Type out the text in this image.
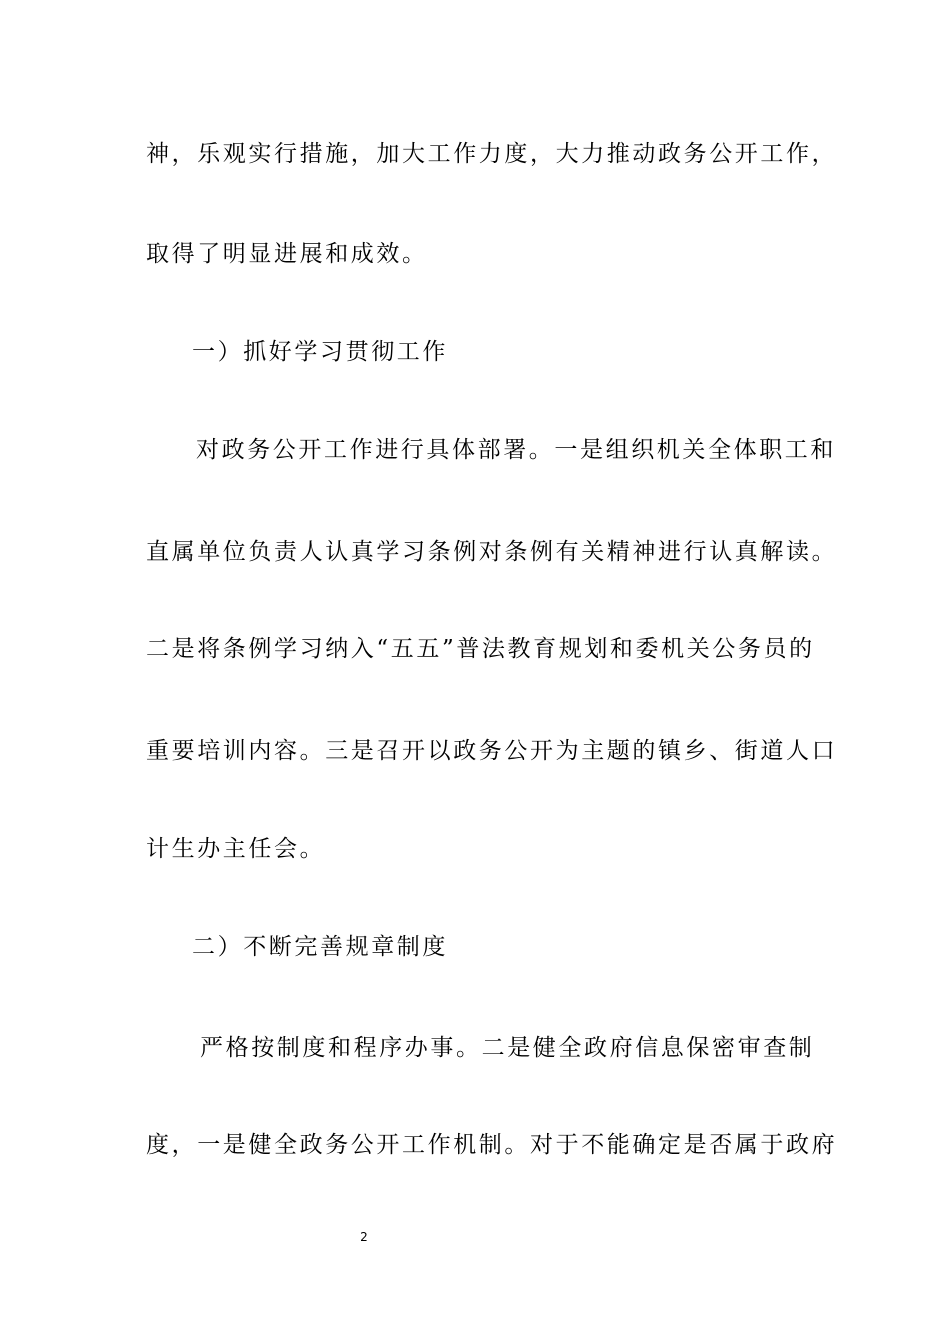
神，乐观实行措施，加大工作力度，大力推动政务公开工作，
取得了明显进展和成效。
一）抓好学习贯彻工作
对政务公开工作进行具体部署。一是组织机关全体职工和
直属单位负责人认真学习条例对条例有关精神进行认真解读。
二是将条例学习纳入“五五”普法教育规划和委机关公务员的
重要培训内容。三是召开以政务公开为主题的镇乡、街道人口
计生办主任会。
二）不断完善规章制度
严格按制度和程序办事。二是健全政府信息保密审查制
度，一是健全政务公开工作机制。对于不能确定是否属于政府
2
